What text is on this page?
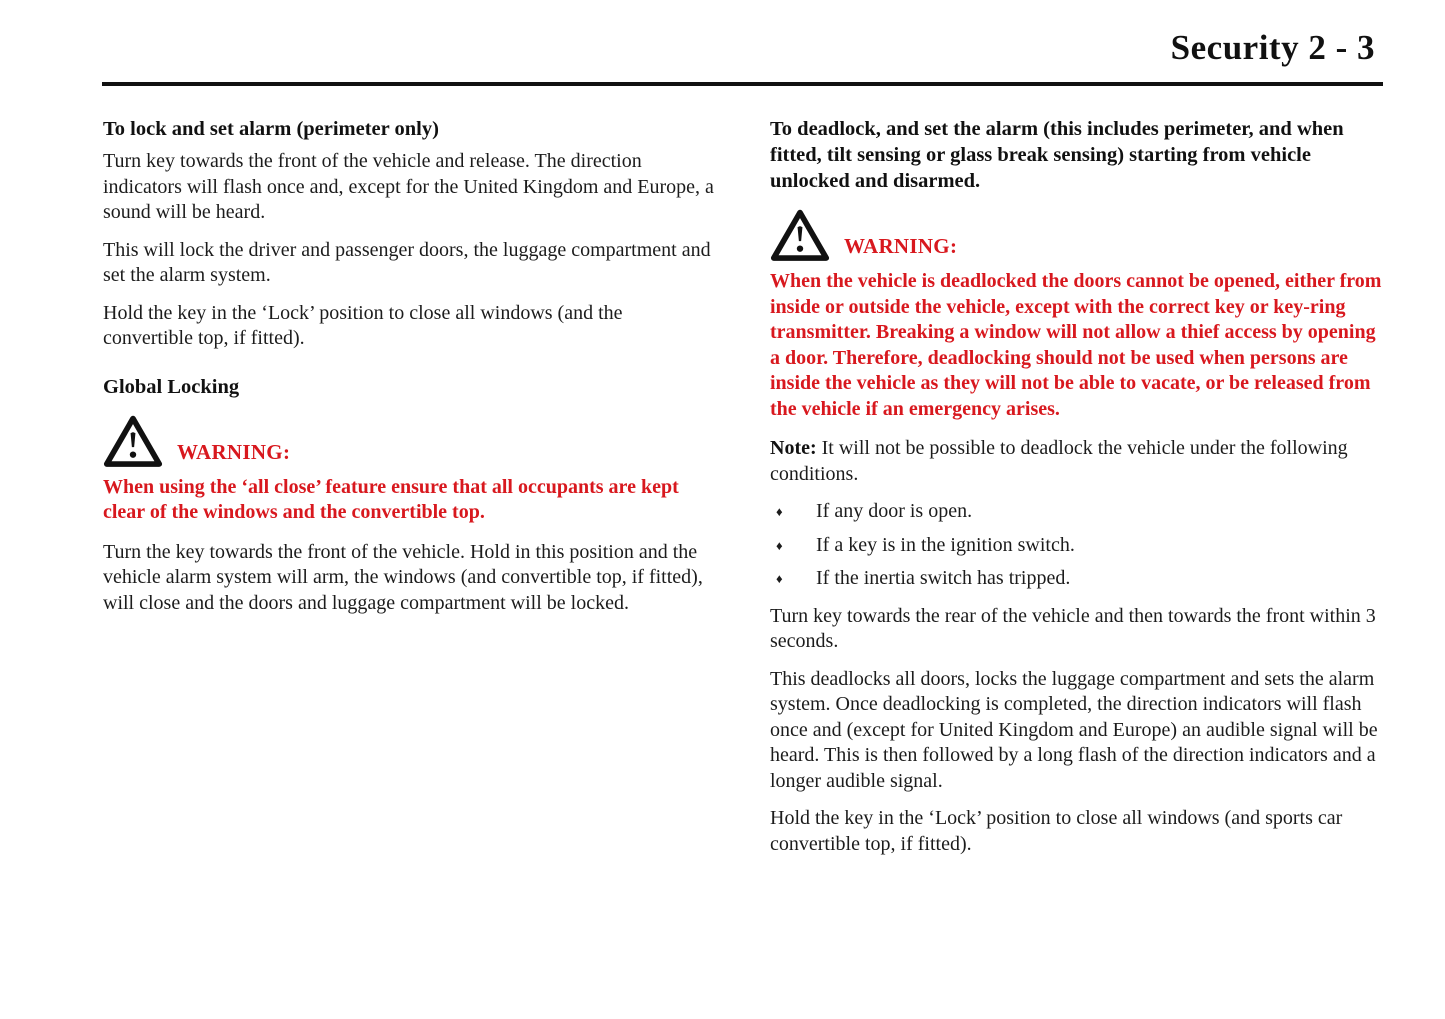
Security 2 - 3
To lock and set alarm (perimeter only)

Turn key towards the front of the vehicle and release. The direction indicators will flash once and, except for the United Kingdom and Europe, a sound will be heard.

This will lock the driver and passenger doors, the luggage compartment and set the alarm system.

Hold the key in the ‘Lock’ position to close all windows (and the convertible top, if fitted).

Global Locking
WARNING:

When using the ‘all close’ feature ensure that all occupants are kept clear of the windows and the convertible top.

Turn the key towards the front of the vehicle. Hold in this position and the vehicle alarm system will arm, the windows (and convertible top, if fitted), will close and the doors and luggage compartment will be locked.

To deadlock, and set the alarm (this includes perimeter, and when fitted, tilt sensing or glass break sensing) starting from vehicle unlocked and disarmed.
WARNING:

When the vehicle is deadlocked the doors cannot be opened, either from inside or outside the vehicle, except with the correct key or key-ring transmitter. Breaking a window will not allow a thief access by opening a door. Therefore, deadlocking should not be used when persons are inside the vehicle as they will not be able to vacate, or be released from the vehicle if an emergency arises.

Note: It will not be possible to deadlock the vehicle under the following conditions.

♦	If any door is open.
♦	If a key is in the ignition switch.
♦	If the inertia switch has tripped.

Turn key towards the rear of the vehicle and then towards the front within 3 seconds.

This deadlocks all doors, locks the luggage compartment and sets the alarm system. Once deadlocking is completed, the direction indicators will flash once and (except for United Kingdom and Europe) an audible signal will be heard. This is then followed by a long flash of the direction indicators and a longer audible signal.

Hold the key in the ‘Lock’ position to close all windows (and sports car convertible top, if fitted).
